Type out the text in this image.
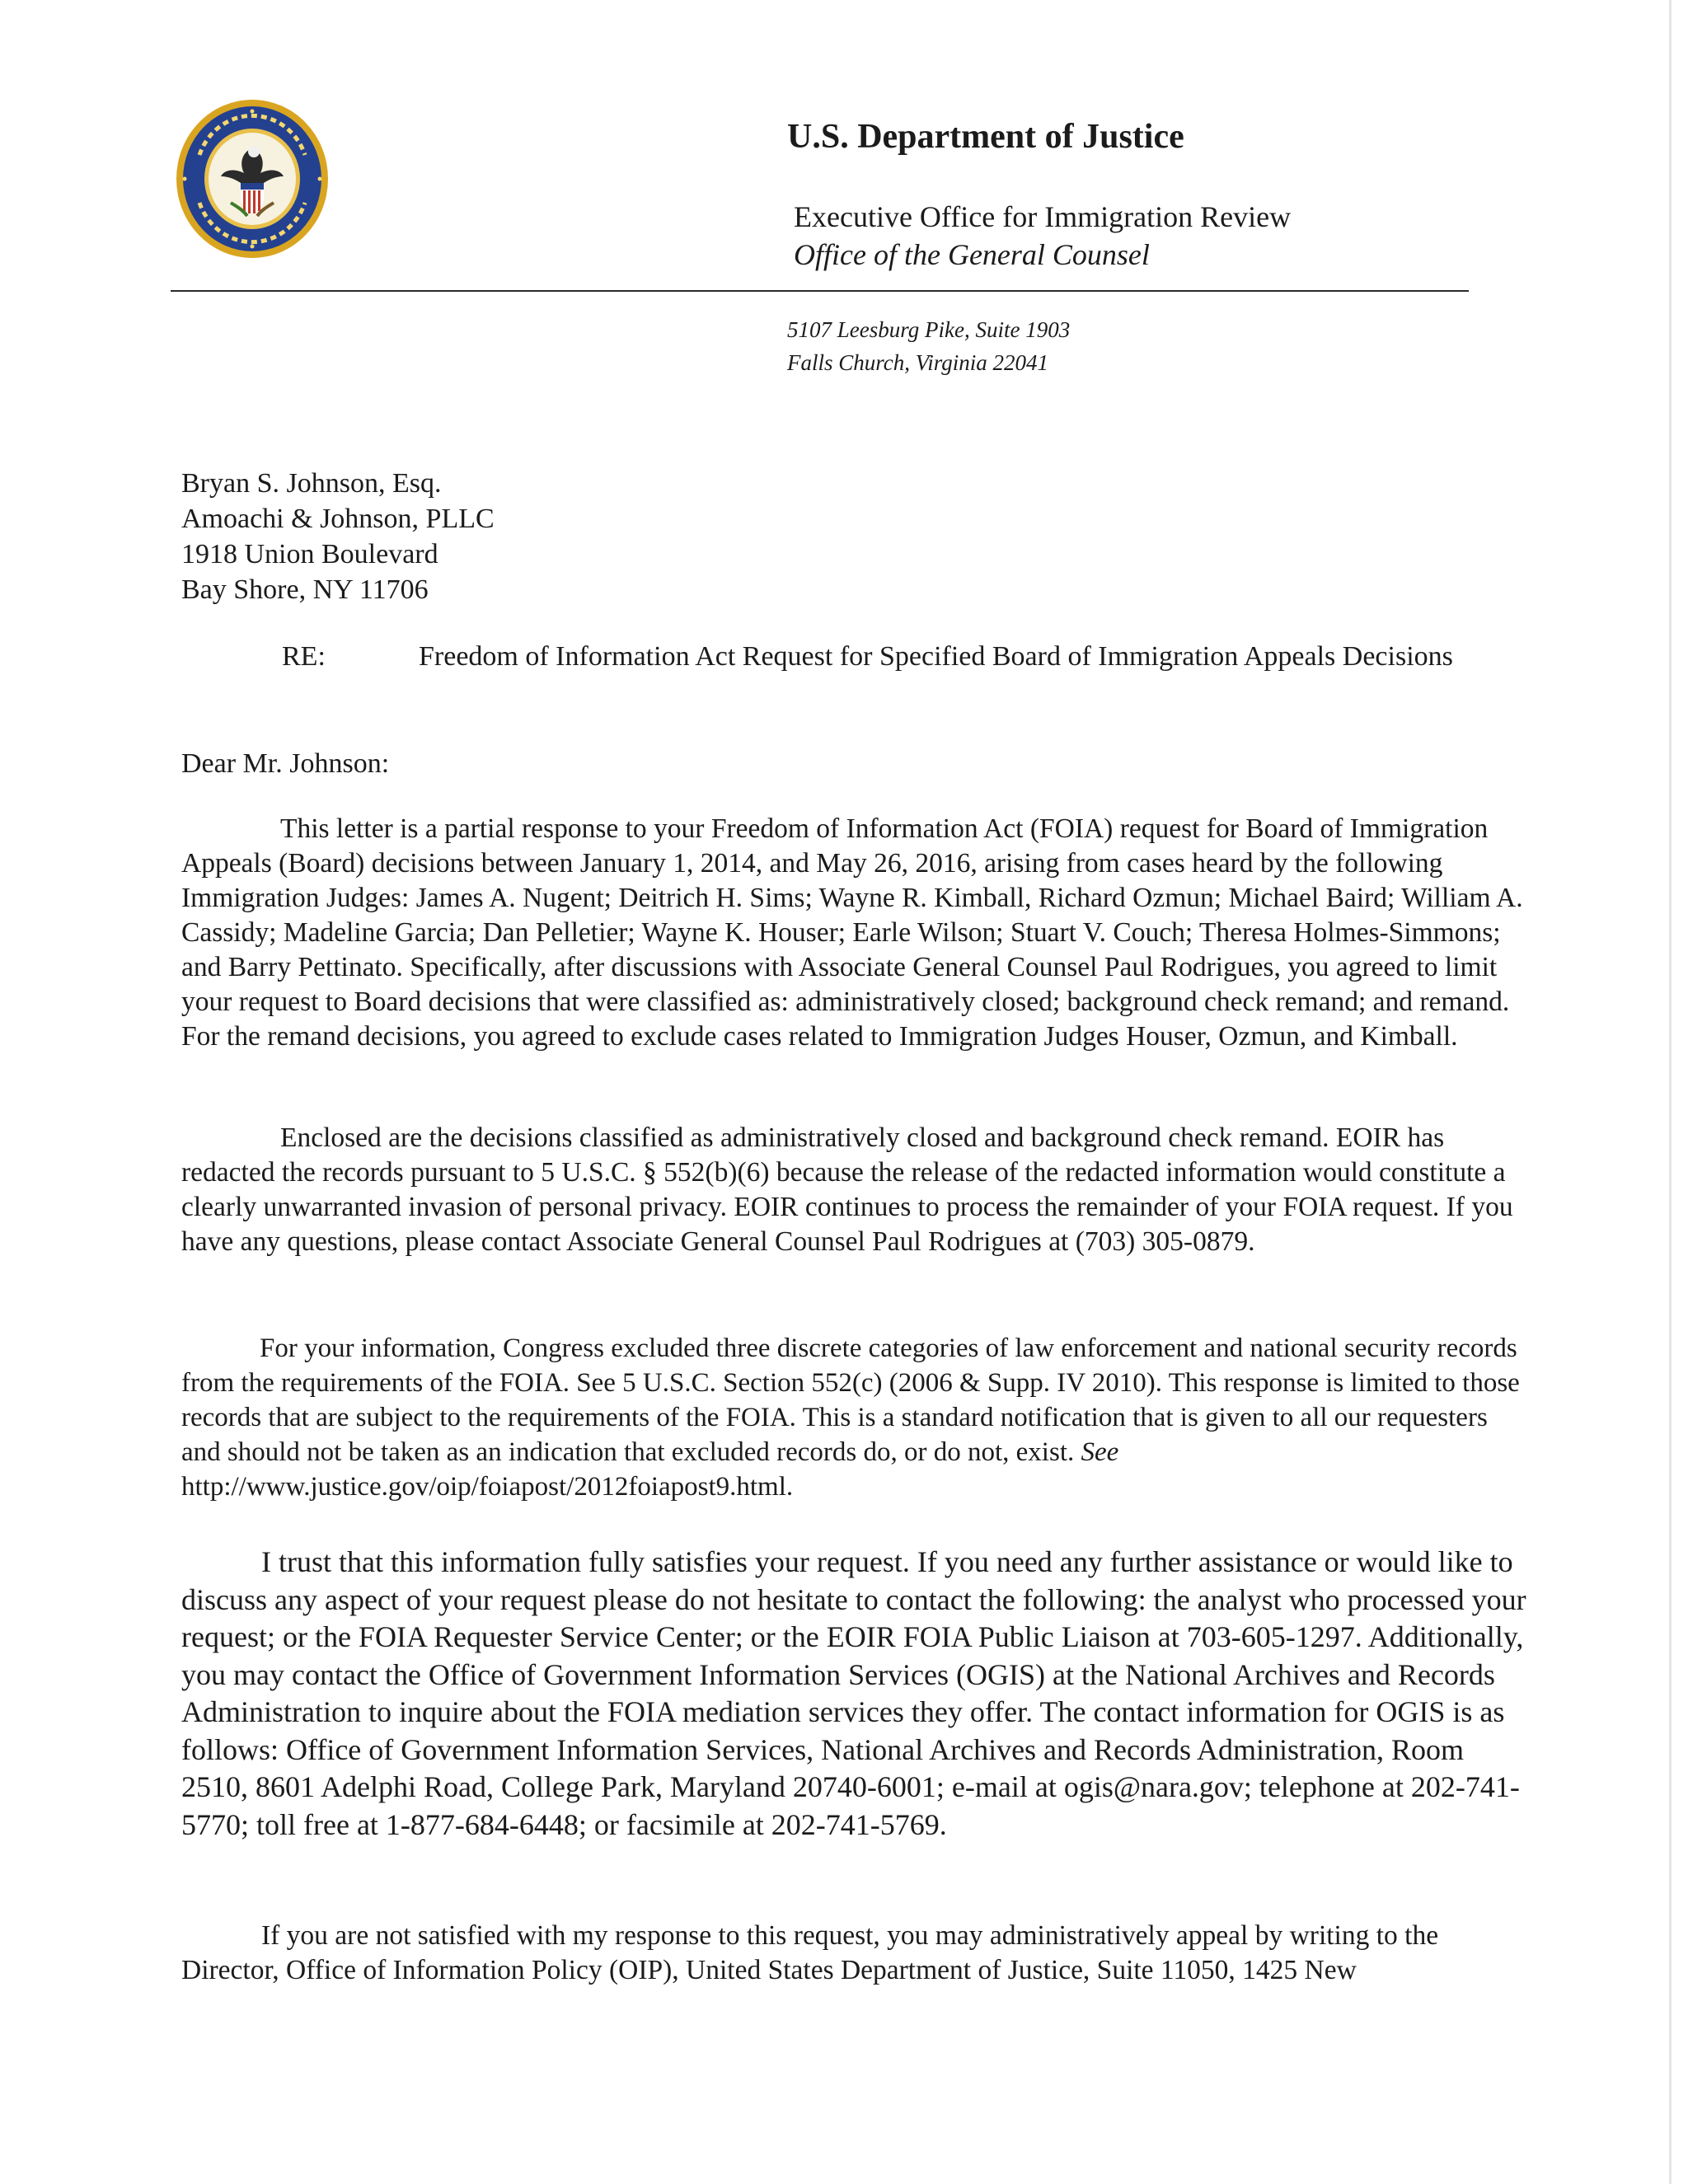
U.S. Department of Justice
Executive Office for Immigration Review
Office of the General Counsel
5107 Leesburg Pike, Suite 1903
Falls Church, Virginia 22041
Bryan S. Johnson, Esq.
Amoachi & Johnson, PLLC
1918 Union Boulevard
Bay Shore, NY 11706
RE:	Freedom of Information Act Request for Specified Board of Immigration Appeals Decisions
Dear Mr. Johnson:

This letter is a partial response to your Freedom of Information Act (FOIA) request for Board of Immigration Appeals (Board) decisions between January 1, 2014, and May 26, 2016, arising from cases heard by the following Immigration Judges: James A. Nugent; Deitrich H. Sims; Wayne R. Kimball, Richard Ozmun; Michael Baird; William A. Cassidy; Madeline Garcia; Dan Pelletier; Wayne K. Houser; Earle Wilson; Stuart V. Couch; Theresa Holmes-Simmons; and Barry Pettinato. Specifically, after discussions with Associate General Counsel Paul Rodrigues, you agreed to limit your request to Board decisions that were classified as: administratively closed; background check remand; and remand. For the remand decisions, you agreed to exclude cases related to Immigration Judges Houser, Ozmun, and Kimball.

Enclosed are the decisions classified as administratively closed and background check remand. EOIR has redacted the records pursuant to 5 U.S.C. § 552(b)(6) because the release of the redacted information would constitute a clearly unwarranted invasion of personal privacy. EOIR continues to process the remainder of your FOIA request. If you have any questions, please contact Associate General Counsel Paul Rodrigues at (703) 305-0879.

For your information, Congress excluded three discrete categories of law enforcement and national security records from the requirements of the FOIA. See 5 U.S.C. Section 552(c) (2006 & Supp. IV 2010). This response is limited to those records that are subject to the requirements of the FOIA. This is a standard notification that is given to all our requesters and should not be taken as an indication that excluded records do, or do not, exist. See http://www.justice.gov/oip/foiapost/2012foiapost9.html.

I trust that this information fully satisfies your request. If you need any further assistance or would like to discuss any aspect of your request please do not hesitate to contact the following: the analyst who processed your request; or the FOIA Requester Service Center; or the EOIR FOIA Public Liaison at 703-605-1297. Additionally, you may contact the Office of Government Information Services (OGIS) at the National Archives and Records Administration to inquire about the FOIA mediation services they offer. The contact information for OGIS is as follows: Office of Government Information Services, National Archives and Records Administration, Room 2510, 8601 Adelphi Road, College Park, Maryland 20740-6001; e-mail at ogis@nara.gov; telephone at 202-741-5770; toll free at 1-877-684-6448; or facsimile at 202-741-5769.

If you are not satisfied with my response to this request, you may administratively appeal by writing to the Director, Office of Information Policy (OIP), United States Department of Justice, Suite 11050, 1425 New
